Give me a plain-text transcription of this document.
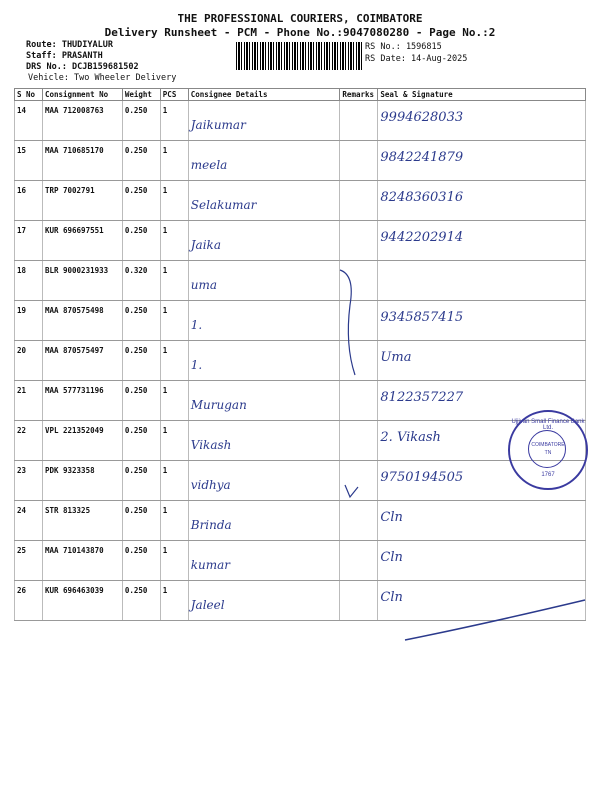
THE PROFESSIONAL COURIERS, COIMBATORE
Delivery Runsheet - PCM - Phone No.:9047080280 - Page No.:2
Route: THUDIYALUR
Staff: PRASANTH
DRS No.: DCJB159681502
Vehicle: Two Wheeler Delivery
RS No.: 1596815
RS Date: 14-Aug-2025
S No	Consignment No	Weight	PCS	Consignee Details	Remarks	Seal & Signature
14	MAA 712008763	0.250	1	Jaikumar		9994628033

15	MAA 710685170	0.250	1	meela		9842241879

16	TRP 7002791	0.250	1	Selakumar		8248360316

17	KUR 696697551	0.250	1	Jaika		9442202914

18	BLR 9000231933	0.320	1	uma		

19	MAA 870575498	0.250	1	1.		9345857415

20	MAA 870575497	0.250	1	1.		Uma

21	MAA 577731196	0.250	1	Murugan		8122357227

22	VPL 221352049	0.250	1	Vikash		2. Vikash

23	PDK 9323358	0.250	1	vidhya		9750194505

24	STR 813325	0.250	1	Brinda		Cln

25	MAA 710143870	0.250	1	kumar		Cln

26	KUR 696463039	0.250	1	Jaleel		Cln
Ujjivan Small Finance Bank Ltd.
COIMBATORE
TN
1767
